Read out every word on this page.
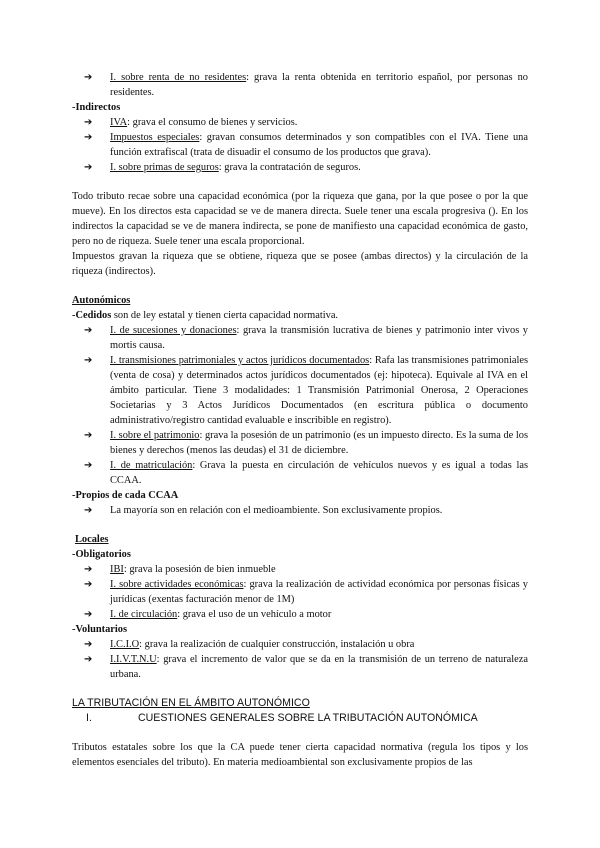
➔ I. sobre renta de no residentes: grava la renta obtenida en territorio español, por personas no residentes.
-Indirectos
➔ IVA: grava el consumo de bienes y servicios.
➔ Impuestos especiales: gravan consumos determinados y son compatibles con el IVA. Tiene una función extrafiscal (trata de disuadir el consumo de los productos que grava).
➔ I. sobre primas de seguros: grava la contratación de seguros.
Todo tributo recae sobre una capacidad económica (por la riqueza que gana, por la que posee o por la que mueve). En los directos esta capacidad se ve de manera directa. Suele tener una escala progresiva (). En los indirectos la capacidad se ve de manera indirecta, se pone de manifiesto una capacidad económica de gasto, pero no de riqueza. Suele tener una escala proporcional.
Impuestos gravan la riqueza que se obtiene, riqueza que se posee (ambas directos) y la circulación de la riqueza (indirectos).
Autonómicos
-Cedidos son de ley estatal y tienen cierta capacidad normativa.
➔ I. de sucesiones y donaciones: grava la transmisión lucrativa de bienes y patrimonio inter vivos y mortis causa.
➔ I. transmisiones patrimoniales y actos jurídicos documentados: Rafa las transmisiones patrimoniales (venta de cosa) y determinados actos jurídicos documentados (ej: hipoteca). Equivale al IVA en el ámbito particular. Tiene 3 modalidades: 1 Transmisión Patrimonial Onerosa, 2 Operaciones Societarias y 3 Actos Jurídicos Documentados (en escritura pública o documento administrativo/registro cantidad evaluable e inscribible en registro).
➔ I. sobre el patrimonio: grava la posesión de un patrimonio (es un impuesto directo. Es la suma de los bienes y derechos (menos las deudas) el 31 de diciembre.
➔ I. de matriculación: Grava la puesta en circulación de vehículos nuevos y es igual a todas las CCAA.
-Propios de cada CCAA
➔ La mayoría son en relación con el medioambiente. Son exclusivamente propios.
Locales
-Obligatorios
➔ IBI: grava la posesión de bien inmueble
➔ I. sobre actividades económicas: grava la realización de actividad económica por personas físicas y jurídicas (exentas facturación menor de 1M)
➔ I. de circulación: grava el uso de un vehículo a motor
-Voluntarios
➔ I.C.I.O: grava la realización de cualquier construcción, instalación u obra
➔ I.I.V.T.N.U: grava el incremento de valor que se da en la transmisión de un terreno de naturaleza urbana.
LA TRIBUTACIÓN EN EL ÁMBITO AUTONÓMICO
I.	CUESTIONES GENERALES SOBRE LA TRIBUTACIÓN AUTONÓMICA
Tributos estatales sobre los que la CA puede tener cierta capacidad normativa (regula los tipos y los elementos esenciales del tributo). En materia medioambiental son exclusivamente propios de las
